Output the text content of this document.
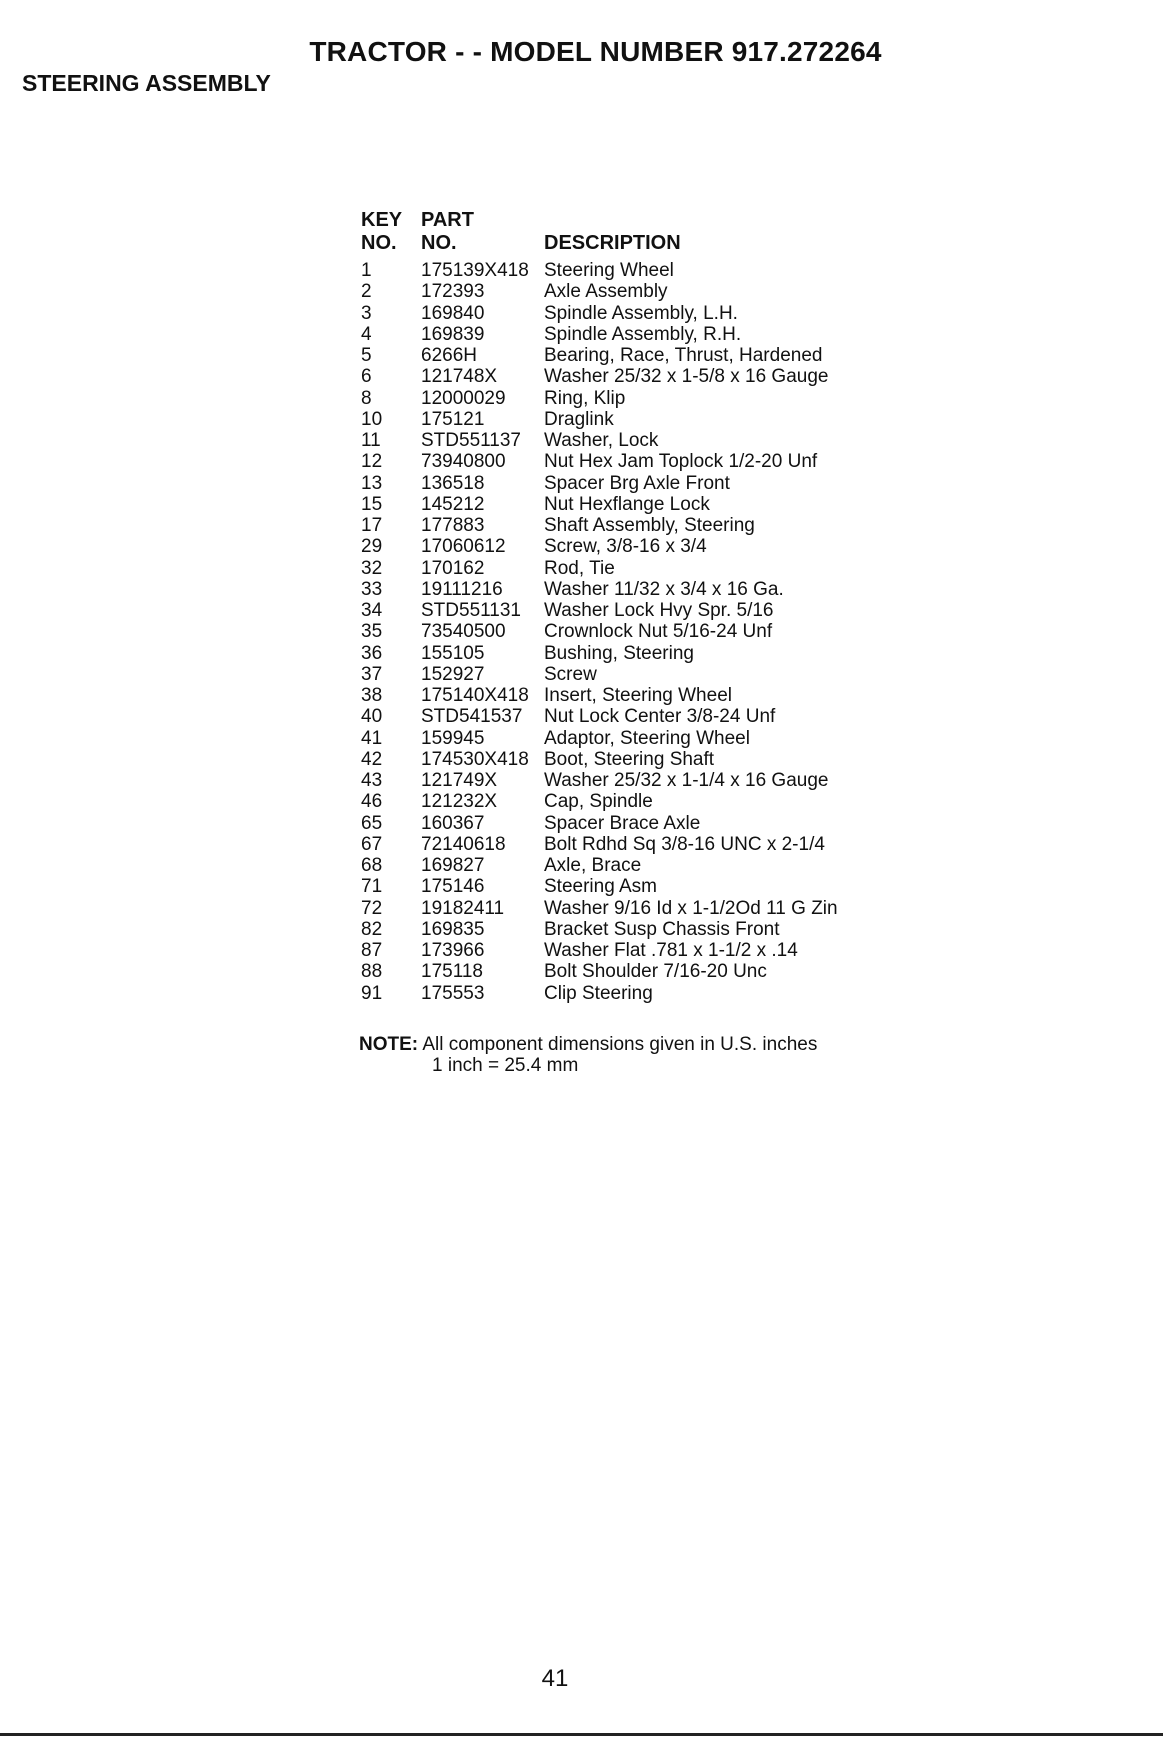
TRACTOR - - MODEL NUMBER 917.272264
STEERING ASSEMBLY
KEY PART
NO.	NO.	DESCRIPTION
1	175139X418 Steering Wheel
2	172393	Axle Assembly
3	169840	Spindle Assembly, L.H.
4	169839	Spindle Assembly, R.H.
5	6266H	Bearing, Race, Thrust, Hardened
6	121748X	Washer 25/32 x 1-5/8 x 16 Gauge
8	12000029	Ring, Klip
10	175121	Draglink
11	STD551137	Washer, Lock
12	73940800	Nut Hex Jam Toplock 1/2-20 Unf
13	136518	Spacer Brg Axle Front
15	145212	Nut Hexflange Lock
17	177883	Shaft Assembly, Steering
29	17060612	Screw, 3/8-16 x 3/4
32	170162	Rod, Tie
33	19111216	Washer 11/32 x 3/4 x 16 Ga.
34	STD551131	Washer Lock Hvy Spr. 5/16
35	73540500	Crownlock Nut 5/16-24 Unf
36	155105	Bushing, Steering
37	152927	Screw
38	175140X418 Insert, Steering Wheel
40	STD541537	Nut Lock Center 3/8-24 Unf
41	159945	Adaptor, Steering Wheel
42	174530X418 Boot, Steering Shaft
43	121749X	Washer 25/32 x 1-1/4 x 16 Gauge
46	121232X	Cap, Spindle
65	160367	Spacer Brace Axle
67	72140618	Bolt Rdhd Sq 3/8-16 UNC x 2-1/4
68	169827	Axle, Brace
71	175146	Steering Asm
72	19182411	Washer 9/16 Id x 1-1/2Od 11 G Zin
82	169835	Bracket Susp Chassis Front
87	173966	Washer Flat .781 x 1-1/2 x .14
88	175118	Bolt Shoulder 7/16-20 Unc
91	175553	Clip Steering
NOTE: All component dimensions given in U.S. inches
1 inch = 25.4 mm
41
